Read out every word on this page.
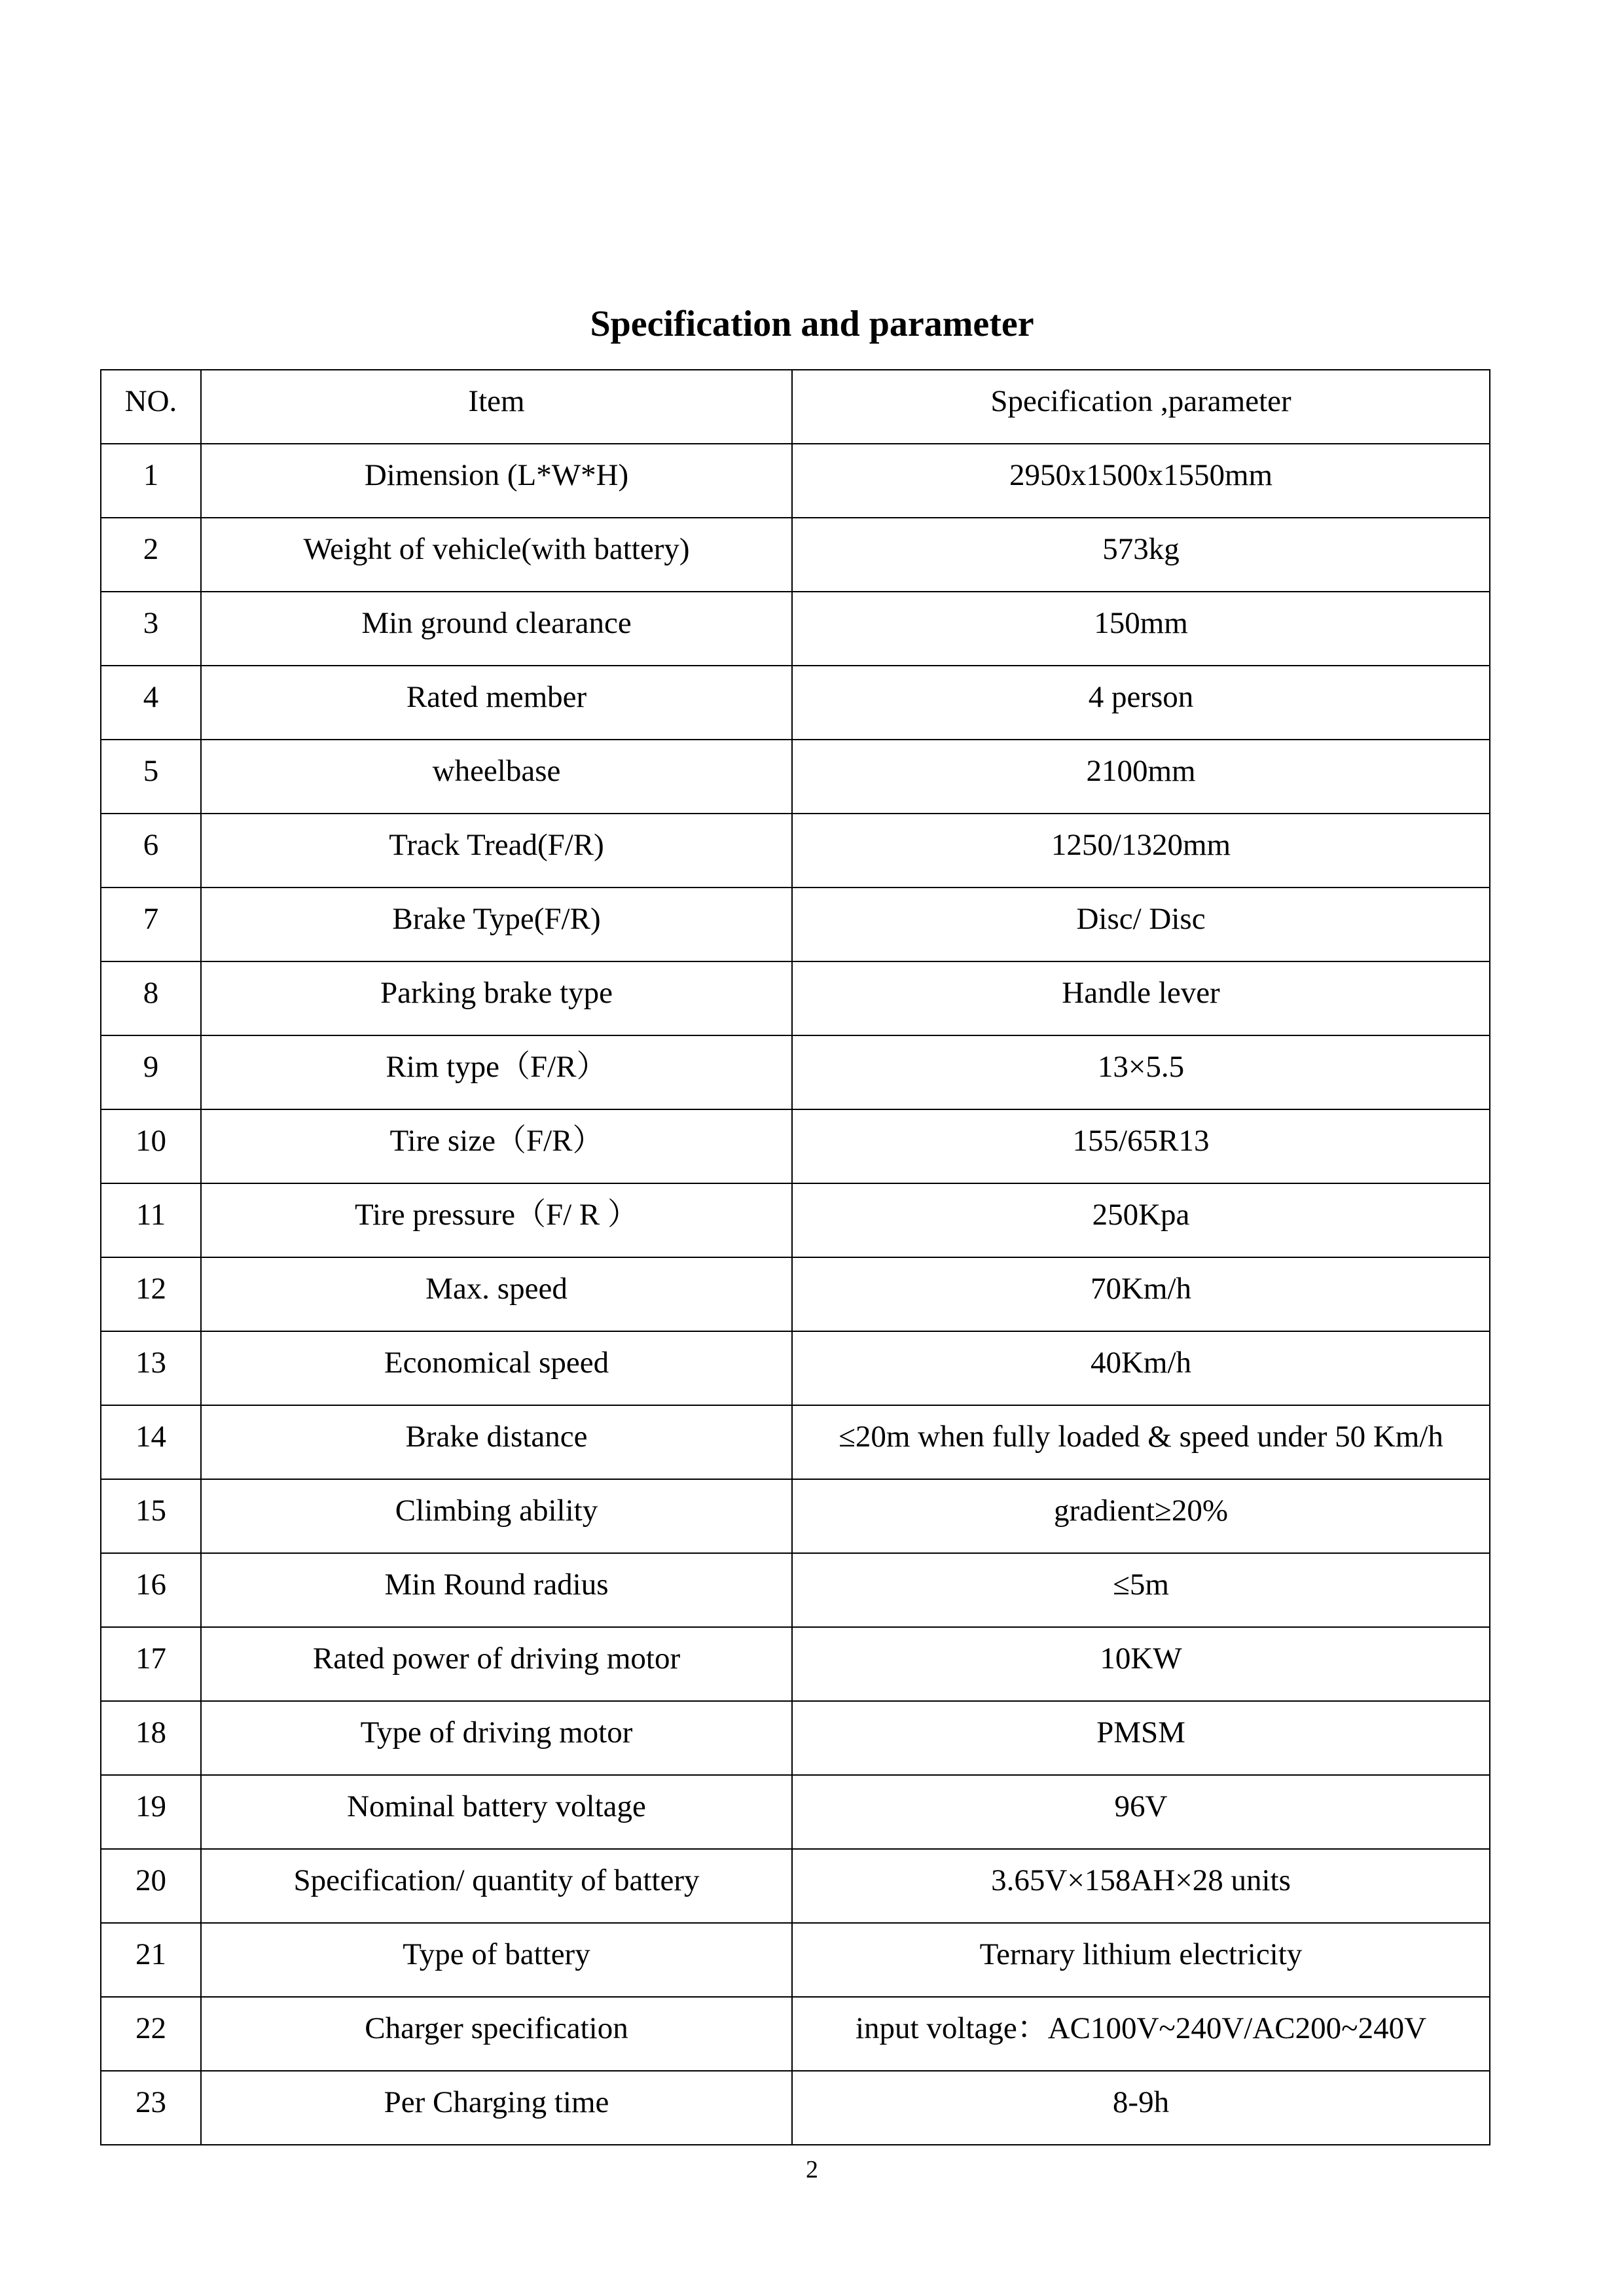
Specification and parameter
NO.	Item	Specification ,parameter
1	Dimension (L*W*H)	2950x1500x1550mm
2	Weight of vehicle(with battery)	573kg
3	Min ground clearance	150mm
4	Rated member	4 person
5	wheelbase	2100mm
6	Track Tread(F/R)	1250/1320mm
7	Brake Type(F/R)	Disc/ Disc
8	Parking brake type	Handle lever
9	Rim type（F/R）	13×5.5
10	Tire size（F/R）	155/65R13
11	Tire pressure（F/ R ）	250Kpa
12	Max. speed	70Km/h
13	Economical speed	40Km/h
14	Brake distance	≤20m when fully loaded & speed under 50 Km/h
15	Climbing ability	gradient≥20%
16	Min Round radius	≤5m
17	Rated power of driving motor	10KW
18	Type of driving motor	PMSM
19	Nominal battery voltage	96V
20	Specification/ quantity of battery	3.65V×158AH×28 units
21	Type of battery	Ternary lithium electricity
22	Charger specification	input voltage：AC100V~240V/AC200~240V
23	Per Charging time	8-9h
2
